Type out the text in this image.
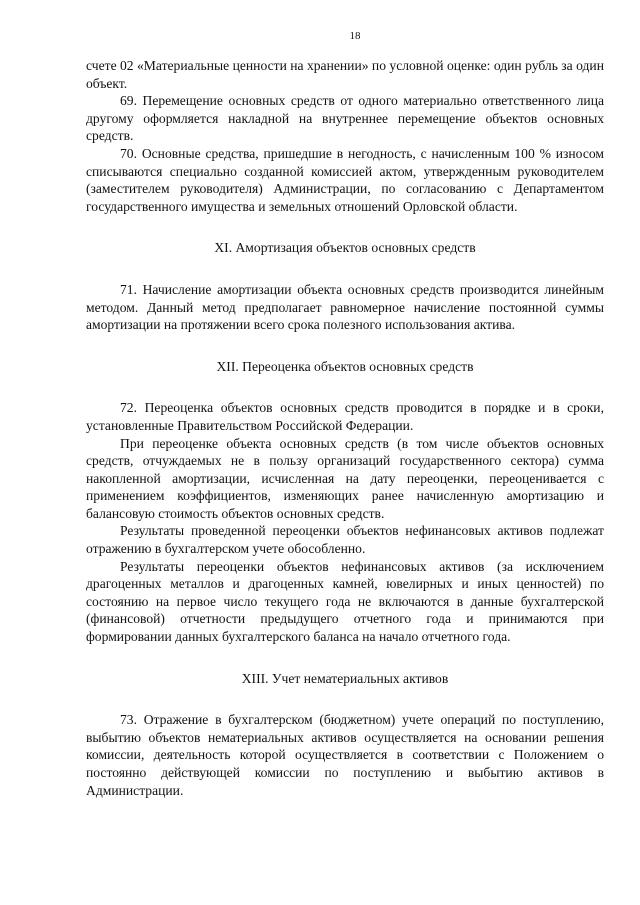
18

счете 02 «Материальные ценности на хранении» по условной оценке: один рубль за один объект.

69. Перемещение основных средств от одного материально ответственного лица другому оформляется накладной на внутреннее перемещение объектов основных средств.

70. Основные средства, пришедшие в негодность, с начисленным 100 % износом списываются специально созданной комиссией актом, утвержденным руководителем (заместителем руководителя) Администрации, по согласованию с Департаментом государственного имущества и земельных отношений Орловской области.

XI. Амортизация объектов основных средств

71. Начисление амортизации объекта основных средств производится линейным методом. Данный метод предполагает равномерное начисление постоянной суммы амортизации на протяжении всего срока полезного использования актива.

XII. Переоценка объектов основных средств

72. Переоценка объектов основных средств проводится в порядке и в сроки, установленные Правительством Российской Федерации.

При переоценке объекта основных средств (в том числе объектов основных средств, отчуждаемых не в пользу организаций государственного сектора) сумма накопленной амортизации, исчисленная на дату переоценки, переоценивается с применением коэффициентов, изменяющих ранее начисленную амортизацию и балансовую стоимость объектов основных средств.

Результаты проведенной переоценки объектов нефинансовых активов подлежат отражению в бухгалтерском учете обособленно.

Результаты переоценки объектов нефинансовых активов (за исключением драгоценных металлов и драгоценных камней, ювелирных и иных ценностей) по состоянию на первое число текущего года не включаются в данные бухгалтерской (финансовой) отчетности предыдущего отчетного года и принимаются при формировании данных бухгалтерского баланса на начало отчетного года.

XIII. Учет нематериальных активов

73. Отражение в бухгалтерском (бюджетном) учете операций по поступлению, выбытию объектов нематериальных активов осуществляется на основании решения комиссии, деятельность которой осуществляется в соответствии с Положением о постоянно действующей комиссии по поступлению и выбытию активов в Администрации.
